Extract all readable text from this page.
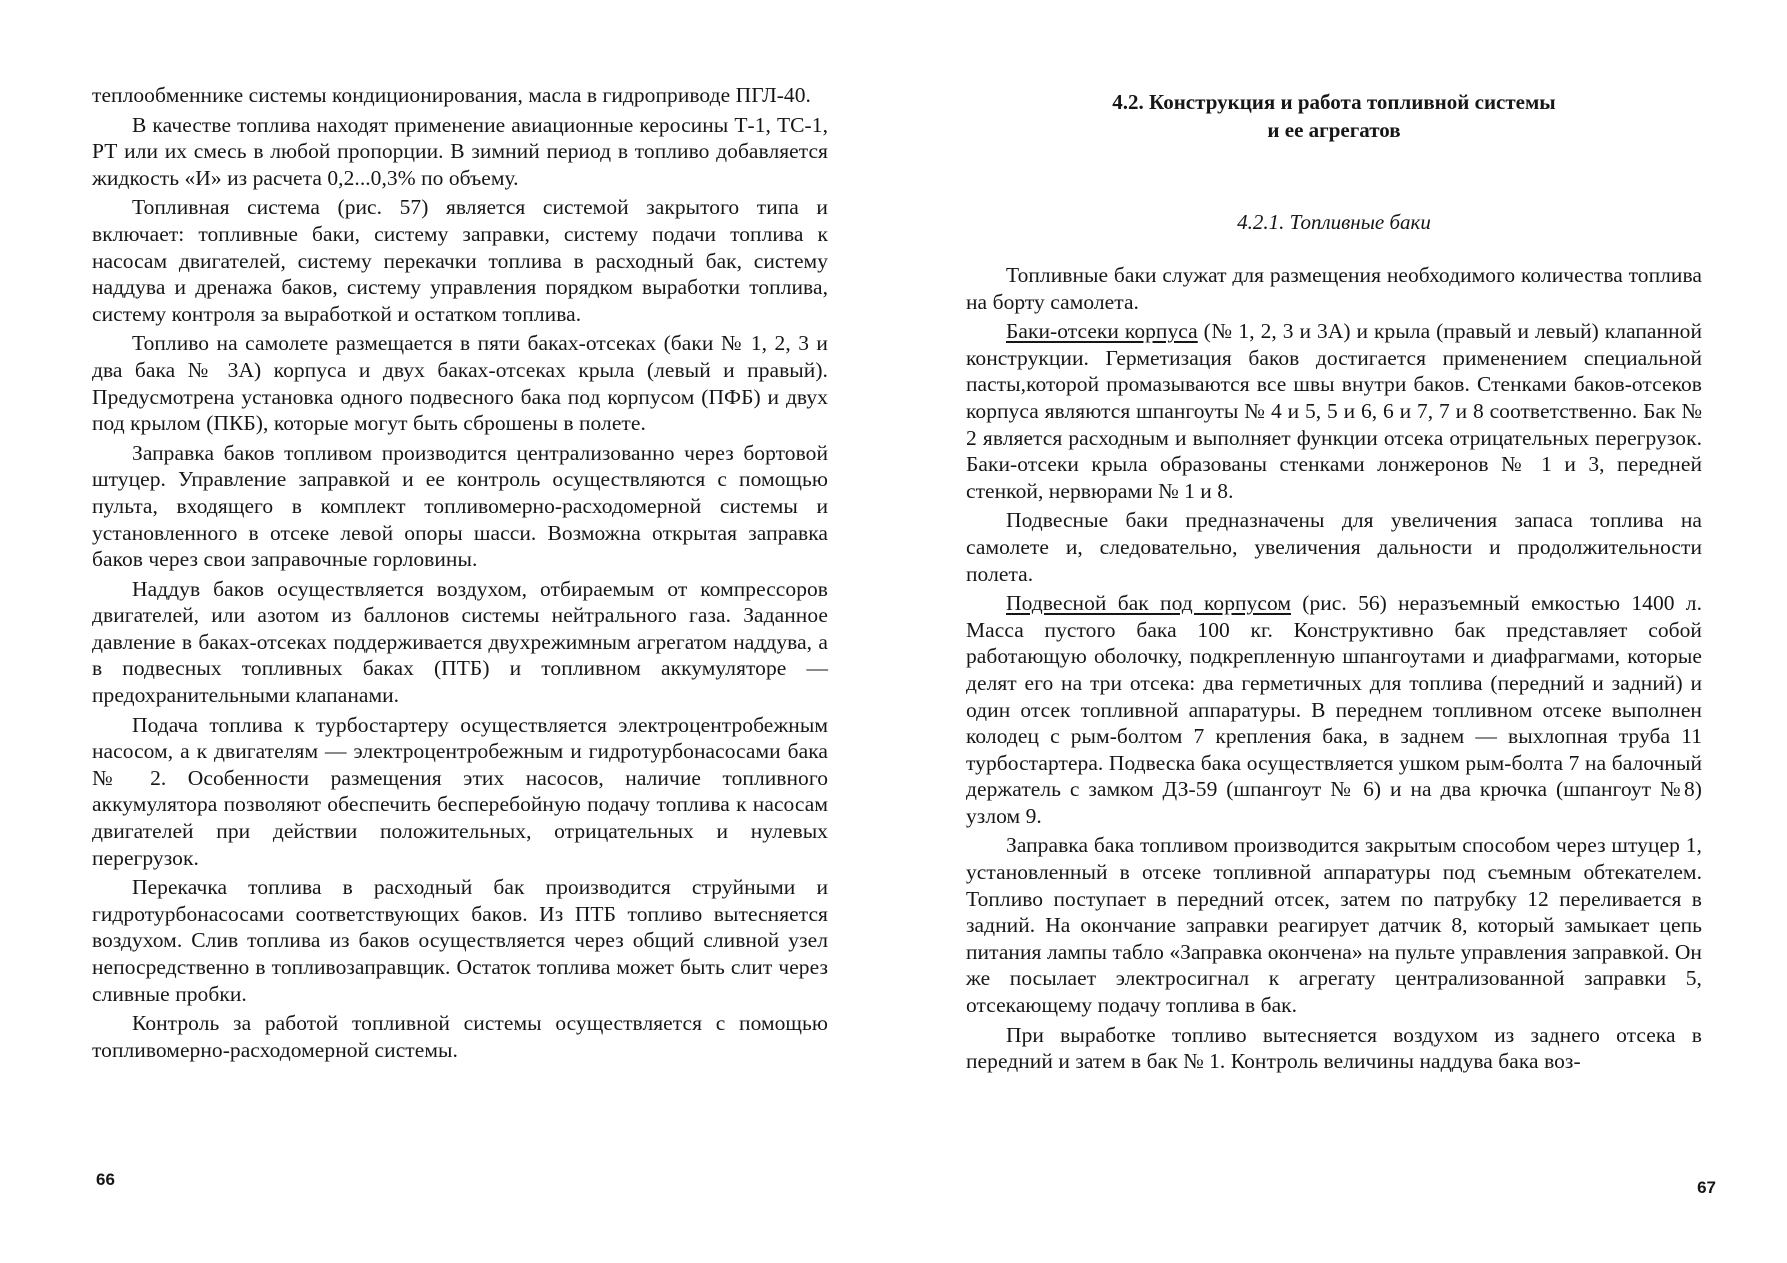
теплообменнике системы кондиционирования, масла в гидроприводе ПГЛ-40.

В качестве топлива находят применение авиационные керосины Т-1, ТС-1, РТ или их смесь в любой пропорции. В зимний период в топливо добавляется жидкость «И» из расчета 0,2...0,3% по объему.

Топливная система (рис. 57) является системой закрытого типа и включает: топливные баки, систему заправки, систему подачи топлива к насосам двигателей, систему перекачки топлива в расходный бак, систему наддува и дренажа баков, систему управления порядком выработки топлива, систему контроля за выработкой и остатком топлива.

Топливо на самолете размещается в пяти баках-отсеках (баки № 1, 2, 3 и два бака № 3А) корпуса и двух баках-отсеках крыла (левый и правый). Предусмотрена установка одного подвесного бака под корпусом (ПФБ) и двух под крылом (ПКБ), которые могут быть сброшены в полете.

Заправка баков топливом производится централизованно через бортовой штуцер. Управление заправкой и ее контроль осуществляются с помощью пульта, входящего в комплект топливомерно-расходомерной системы и установленного в отсеке левой опоры шасси. Возможна открытая заправка баков через свои заправочные горловины.

Наддув баков осуществляется воздухом, отбираемым от компрессоров двигателей, или азотом из баллонов системы нейтрального газа. Заданное давление в баках-отсеках поддерживается двухрежимным агрегатом наддува, а в подвесных топливных баках (ПТБ) и топливном аккумуляторе — предохранительными клапанами.

Подача топлива к турбостартеру осуществляется электроцентробежным насосом, а к двигателям — электроцентробежным и гидротурбонасосами бака № 2. Особенности размещения этих насосов, наличие топливного аккумулятора позволяют обеспечить бесперебойную подачу топлива к насосам двигателей при действии положительных, отрицательных и нулевых перегрузок.

Перекачка топлива в расходный бак производится струйными и гидротурбонасосами соответствующих баков. Из ПТБ топливо вытесняется воздухом. Слив топлива из баков осуществляется через общий сливной узел непосредственно в топливозаправщик. Остаток топлива может быть слит через сливные пробки.

Контроль за работой топливной системы осуществляется с помощью топливомерно-расходомерной системы.

66
4.2. Конструкция и работа топливной системы
и ее агрегатов
4.2.1. Топливные баки

Топливные баки служат для размещения необходимого количества топлива на борту самолета.

Баки-отсеки корпуса (№ 1, 2, 3 и 3А) и крыла (правый и левый) клапанной конструкции. Герметизация баков достигается применением специальной пасты,которой промазываются все швы внутри баков. Стенками баков-отсеков корпуса являются шпангоуты № 4 и 5, 5 и 6, 6 и 7, 7 и 8 соответственно. Бак № 2 является расходным и выполняет функции отсека отрицательных перегрузок. Баки-отсеки крыла образованы стенками лонжеронов № 1 и 3, передней стенкой, нервюрами № 1 и 8.

Подвесные баки предназначены для увеличения запаса топлива на самолете и, следовательно, увеличения дальности и продолжительности полета.

Подвесной бак под корпусом (рис. 56) неразъемный емкостью 1400 л. Масса пустого бака 100 кг. Конструктивно бак представляет собой работающую оболочку, подкрепленную шпангоутами и диафрагмами, которые делят его на три отсека: два герметичных для топлива (передний и задний) и один отсек топливной аппаратуры. В переднем топливном отсеке выполнен колодец с рым-болтом 7 крепления бака, в заднем — выхлопная труба 11 турбостартера. Подвеска бака осуществляется ушком рым-болта 7 на балочный держатель с замком ДЗ-59 (шпангоут № 6) и на два крючка (шпангоут №8) узлом 9.

Заправка бака топливом производится закрытым способом через штуцер 1, установленный в отсеке топливной аппаратуры под съемным обтекателем. Топливо поступает в передний отсек, затем по патрубку 12 переливается в задний. На окончание заправки реагирует датчик 8, который замыкает цепь питания лампы табло «Заправка окончена» на пульте управления заправкой. Он же посылает электросигнал к агрегату централизованной заправки 5, отсекающему подачу топлива в бак.

При выработке топливо вытесняется воздухом из заднего отсека в передний и затем в бак № 1. Контроль величины наддува бака воз-

67
